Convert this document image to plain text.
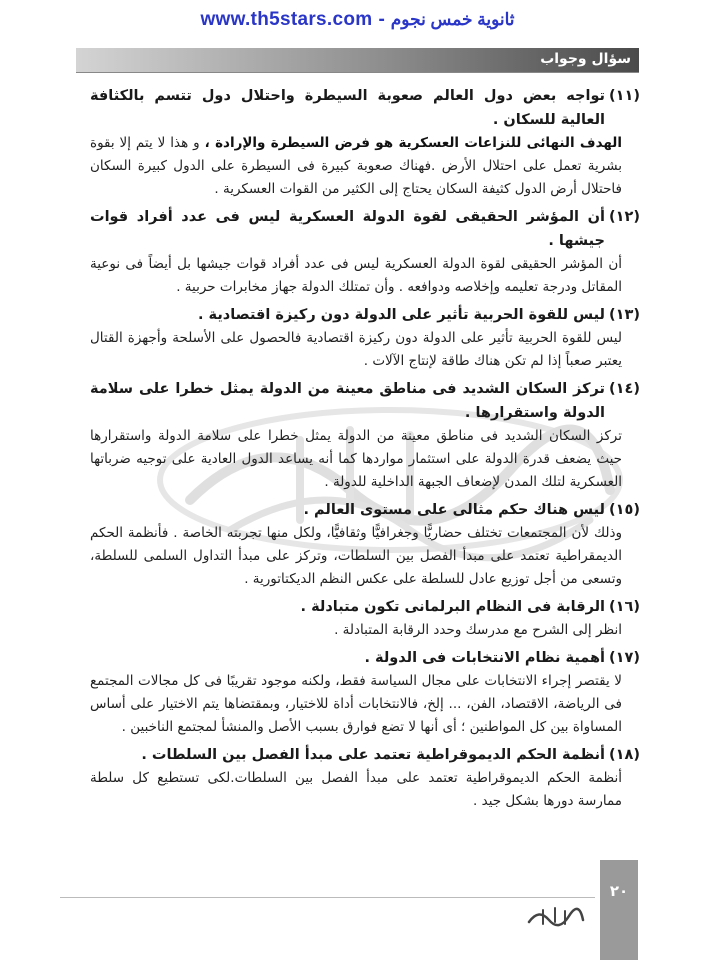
www.th5stars.com - ثانوية خمس نجوم
سؤال وجواب
(١١)
تواجه بعض دول العالم صعوبة السيطرة واحتلال دول تتسم بالكثافة العالية للسكان .
الهدف النهائى للنزاعات العسكرية هو فرض السيطرة والإرادة ، و هذا لا يتم إلا بقوة بشرية تعمل على احتلال الأرض .فهناك صعوبة كبيرة فى السيطرة على الدول كبيرة السكان فاحتلال أرض الدول كثيفة السكان يحتاج إلى الكثير من القوات العسكرية .
(١٢)
أن المؤشر الحقيقى لقوة الدولة العسكرية ليس فى عدد أفراد قوات جيشها .
أن المؤشر الحقيقى لقوة الدولة العسكرية ليس فى عدد أفراد قوات جيشها بل أيضاً فى نوعية المقاتل ودرجة تعليمه وإخلاصه ودوافعه . وأن تمتلك الدولة جهاز مخابرات حربية .
(١٣)
ليس للقوة الحربية تأثير على الدولة دون ركيزة اقتصادية .
ليس للقوة الحربية تأثير على الدولة دون ركيزة اقتصادية فالحصول على الأسلحة وأجهزة القتال يعتبر صعباً إذا لم تكن هناك طاقة لإنتاج الآلات .
(١٤)
تركز السكان الشديد فى مناطق معينة من الدولة يمثل خطرا على سلامة الدولة واستقرارها .
تركز السكان الشديد فى مناطق معينة من الدولة يمثل خطرا على سلامة الدولة واستقرارها حيث يضعف قدرة الدولة على استثمار مواردها كما أنه يساعد الدول العادية على توجيه ضرباتها العسكرية لتلك المدن لإضعاف الجبهة الداخلية للدولة .
(١٥)
ليس هناك حكم مثالى على مستوى العالم .
وذلك لأن المجتمعات تختلف حضاريًّا وجغرافيًّا وثقافيًّا، ولكل منها تجربته الخاصة . فأنظمة الحكم الديمقراطية تعتمد على مبدأ الفصل بين السلطات، وتركز على مبدأ التداول السلمى للسلطة، وتسعى من أجل توزيع عادل للسلطة على عكس النظم الديكتاتورية .
(١٦)
الرقابة فى النظام البرلمانى تكون متبادلة .
انظر إلى الشرح مع مدرسك وحدد الرقابة المتبادلة .
(١٧)
أهمية نظام الانتخابات فى الدولة .
لا يقتصر إجراء الانتخابات على مجال السياسة فقط، ولكنه موجود تقريبًا فى كل مجالات المجتمع فى الرياضة، الاقتصاد، الفن، ... إلخ، فالانتخابات أداة للاختيار، وبمقتضاها يتم الاختيار على أساس المساواة بين كل المواطنين ؛ أى أنها لا تضع فوارق بسبب الأصل والمنشأ لمجتمع الناخبين .
(١٨)
أنظمة الحكم الديموقراطية تعتمد على مبدأ الفصل بين السلطات .
أنظمة الحكم الديموقراطية تعتمد على مبدأ الفصل بين السلطات.لكى تستطيع كل سلطة ممارسة دورها بشكل جيد .
٢٠
